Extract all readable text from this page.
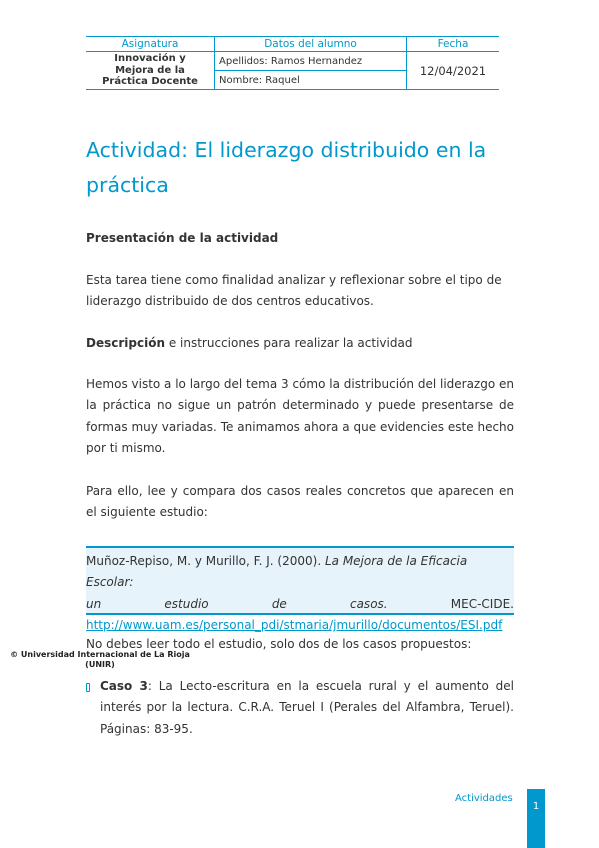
Asignatura	Datos del alumno	Fecha

Innovación y
Mejora de la
Práctica Docente	Apellidos: Ramos Hernandez	12/04/2021
	Nombre: Raquel	
Actividad: El liderazgo distribuido en la
práctica

Presentación de la actividad

Esta tarea tiene como finalidad analizar y reflexionar sobre el tipo de
liderazgo distribuido de dos centros educativos.

Descripción e instrucciones para realizar la actividad

Hemos visto a lo largo del tema 3 cómo la distribución del liderazgo en la práctica no sigue un patrón determinado y puede presentarse de formas muy variadas. Te animamos ahora a que evidencies este hecho por ti mismo.

Para ello, lee y compara dos casos reales concretos que aparecen en el siguiente estudio:

Muñoz-Repiso, M. y Murillo, F. J. (2000). La Mejora de la Eficacia Escolar:
un	estudio	de	casos.	MEC-CIDE.
http://www.uam.es/personal_pdi/stmaria/jmurillo/documentos/ESI.pdf

No debes leer todo el estudio, solo dos de los casos propuestos:

© Universidad Internacional de La Rioja
(UNIR)
Caso 3: La Lecto-escritura en la escuela rural y el aumento del interés por la lectura. C.R.A. Teruel I (Perales del Alfambra, Teruel). Páginas: 83-95.
Actividades
1
